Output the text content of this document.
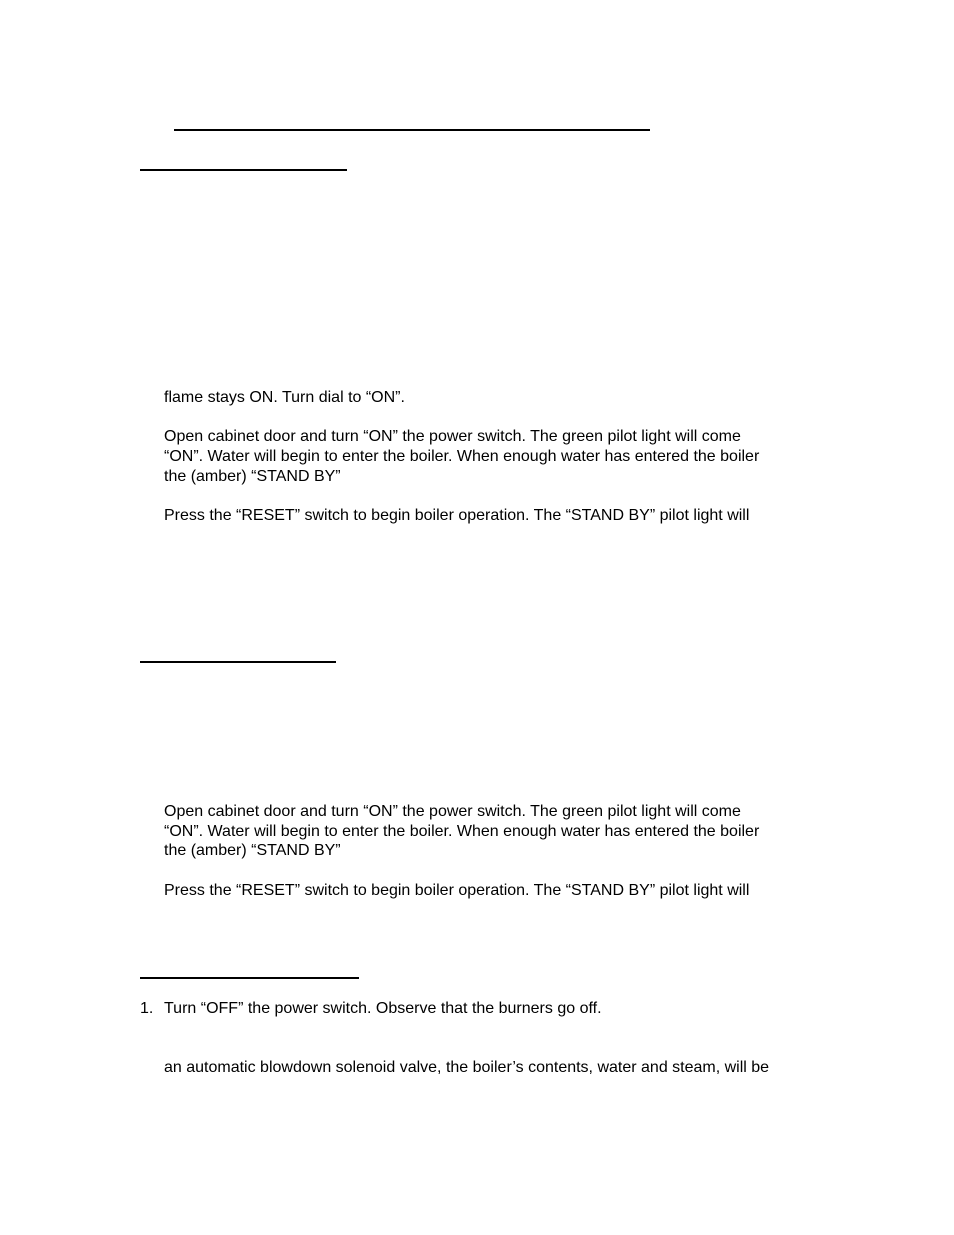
flame stays ON. Turn dial to “ON”.
Open cabinet door and turn “ON” the power switch. The green pilot light will come
“ON”. Water will begin to enter the boiler. When enough water has entered the boiler
the (amber) “STAND BY”
Press the “RESET” switch to begin boiler operation. The “STAND BY” pilot light will
Open cabinet door and turn “ON” the power switch. The green pilot light will come
“ON”. Water will begin to enter the boiler. When enough water has entered the boiler
the (amber) “STAND BY”
Press the “RESET” switch to begin boiler operation. The “STAND BY” pilot light will
1. Turn “OFF” the power switch. Observe that the burners go off.
an automatic blowdown solenoid valve, the boiler’s contents, water and steam, will be
